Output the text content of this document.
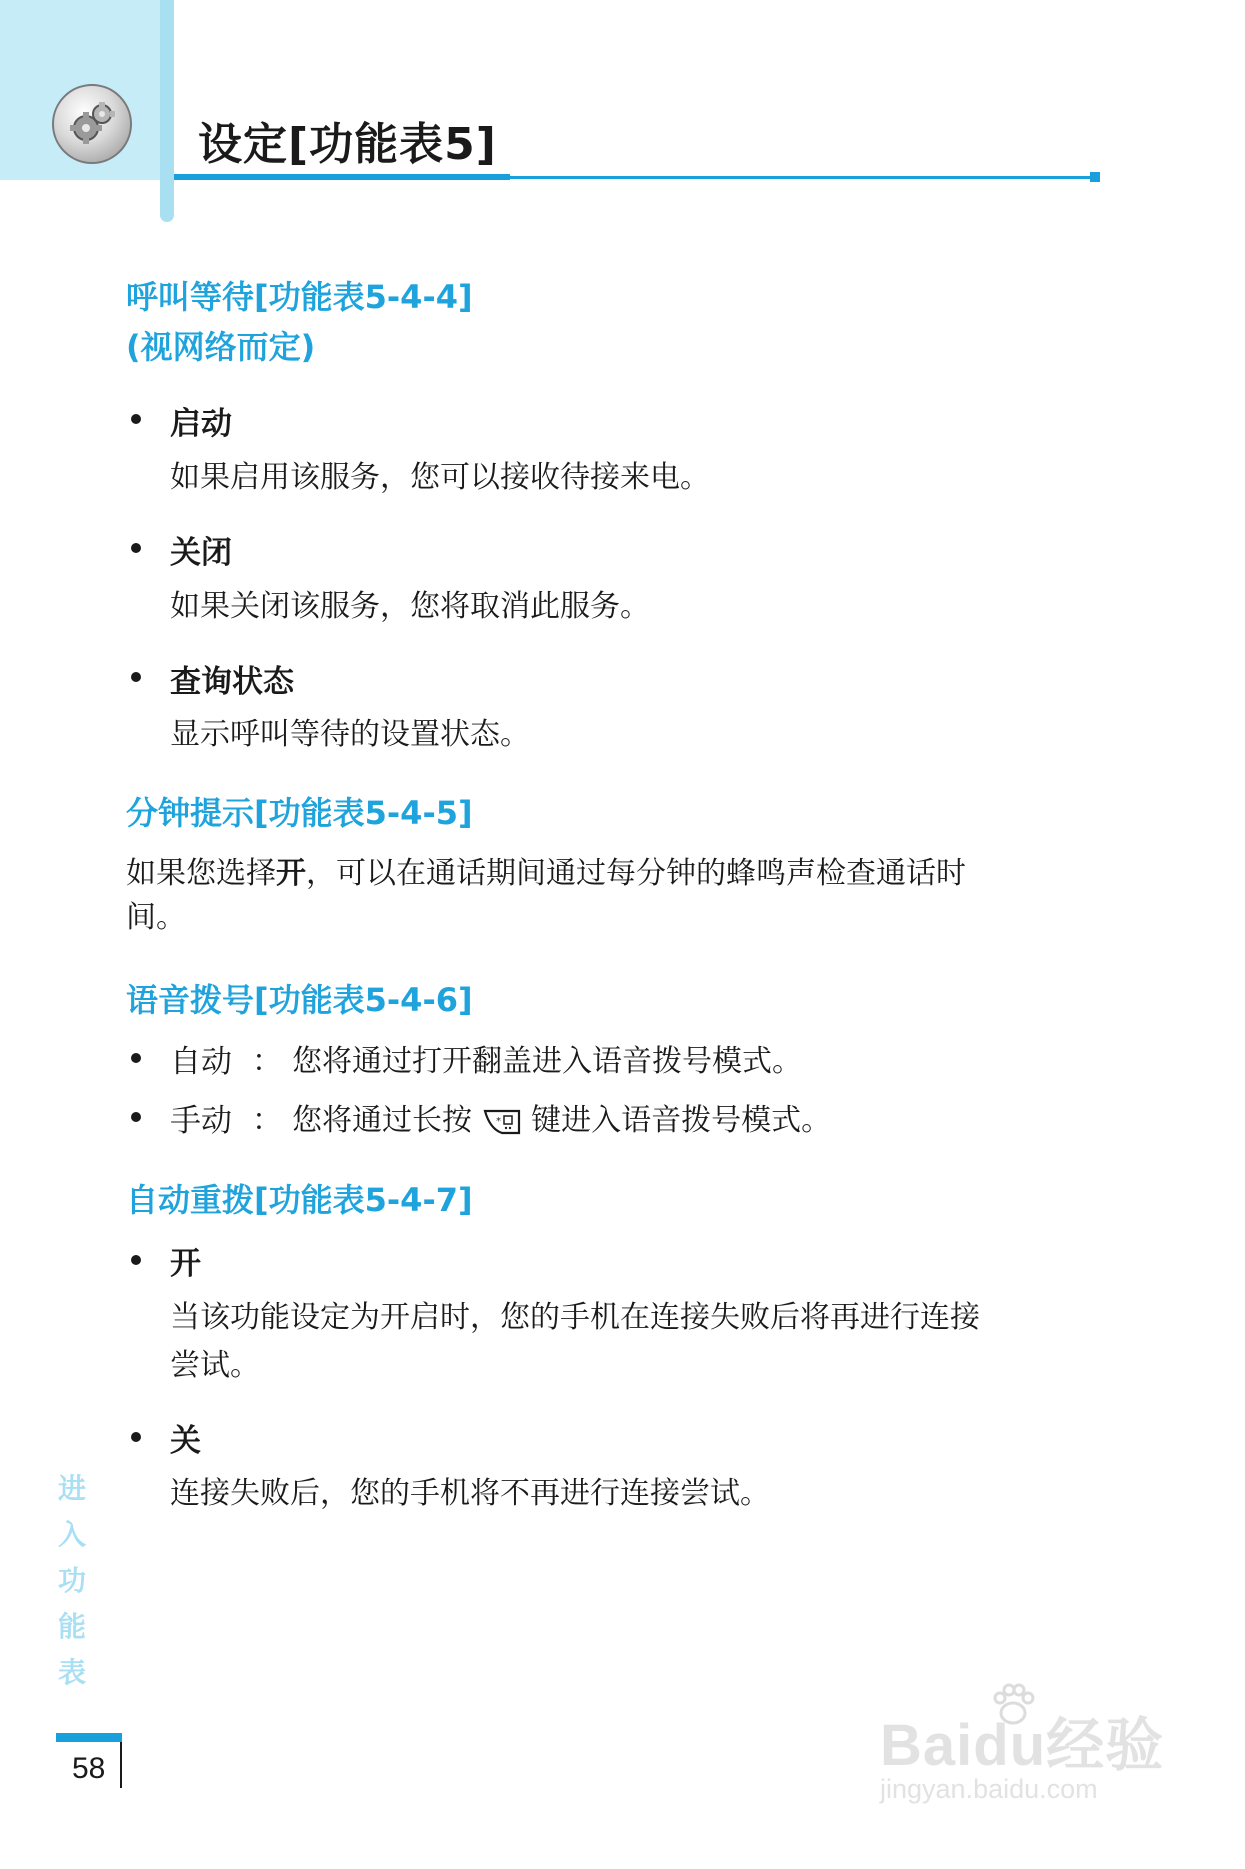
设定[功能表5]
呼叫等待[功能表5-4-4]
(视网络而定)
启动
如果启用该服务，您可以接收待接来电。
关闭
如果关闭该服务，您将取消此服务。
查询状态
显示呼叫等待的设置状态。
分钟提示[功能表5-4-5]
如果您选择开，可以在通话期间通过每分钟的蜂鸣声检查通话时
间。
语音拨号[功能表5-4-6]
自动 ： 您将通过打开翻盖进入语音拨号模式。
手动 ： 您将通过长按 * 键进入语音拨号模式。
自动重拨[功能表5-4-7]
开
当该功能设定为开启时，您的手机在连接失败后将再进行连接
尝试。
关
连接失败后，您的手机将不再进行连接尝试。
进
入
功
能
表
58	Baidu经验
jingyan.baidu.com
